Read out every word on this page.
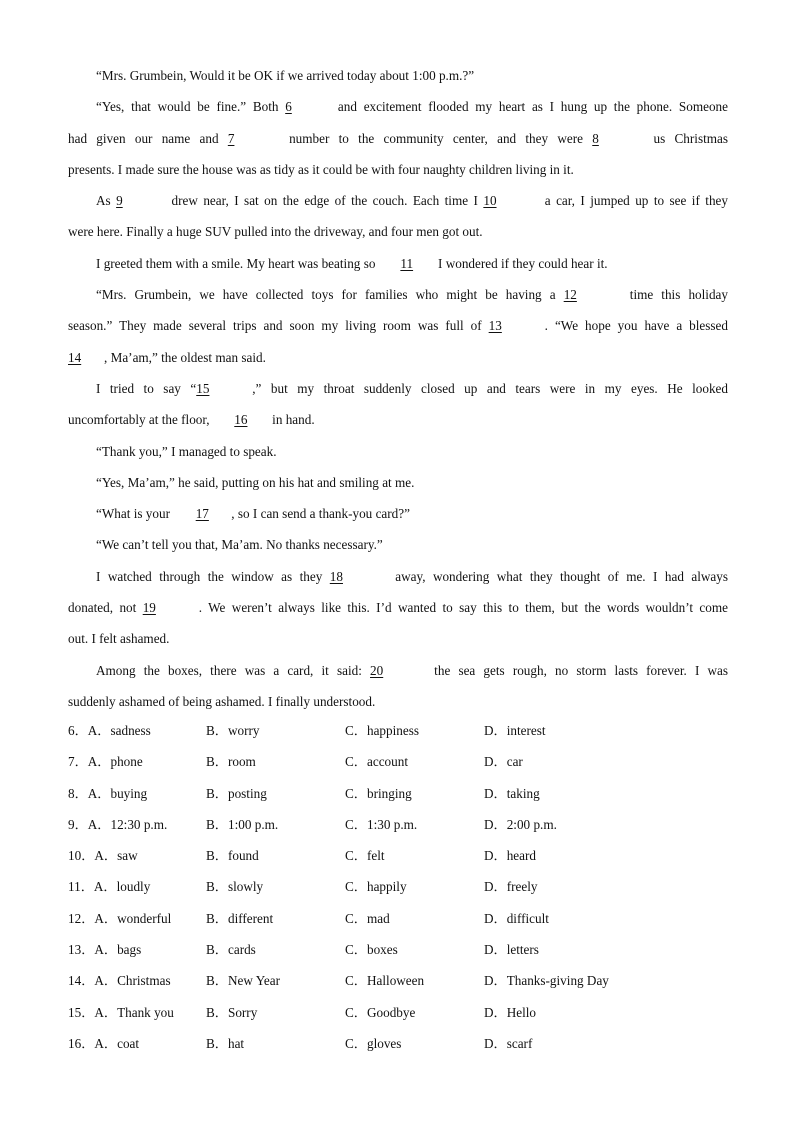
“Mrs. Grumbein, Would it be OK if we arrived today about 1:00 p.m.?”
“Yes, that would be fine.” Both 6	and excitement flooded my heart as I hung up the phone. Someone
had given our name and 7	number to the community center, and they were 8	us Christmas
presents. I made sure the house was as tidy as it could be with four naughty children living in it.
As 9	drew near, I sat on the edge of the couch. Each time I 10	a car, I jumped up to see if they
were here. Finally a huge SUV pulled into the driveway, and four men got out.
I greeted them with a smile. My heart was beating so 11 I wondered if they could hear it.
“Mrs. Grumbein, we have collected toys for families who might be having a 12	time this holiday
season.” They made several trips and soon my living room was full of 13	. “We hope you have a blessed
14 , Ma’am,” the oldest man said.
I tried to say “15	,” but my throat suddenly closed up and tears were in my eyes. He looked
uncomfortably at the floor, 16 in hand.
“Thank you,” I managed to speak.
“Yes, Ma’am,” he said, putting on his hat and smiling at me.
“What is your 17 , so I can send a thank-you card?”
“We can’t tell you that, Ma’am. No thanks necessary.”
I watched through the window as they 18	away, wondering what they thought of me. I had always
donated, not 19	. We weren’t always like this. I’d wanted to say this to them, but the words wouldn’t come
out. I felt ashamed.
Among the boxes, there was a card, it said: 20	the sea gets rough, no storm lasts forever. I was
suddenly ashamed of being ashamed. I finally understood.
6．A．sadness	B．worry	C．happiness	D．interest
7．A．phone	B．room	C．account	D．car
8．A．buying	B．posting	C．bringing	D．taking
9．A．12:30 p.m.	B．1:00 p.m.	C．1:30 p.m.	D．2:00 p.m.
10．A．saw	B．found	C．felt	D．heard
11．A．loudly	B．slowly	C．happily	D．freely
12．A．wonderful	B．different	C．mad	D．difficult
13．A．bags	B．cards	C．boxes	D．letters
14．A．Christmas	B．New Year	C．Halloween	D．Thanks-giving Day
15．A．Thank you	B．Sorry	C．Goodbye	D．Hello
16．A．coat	B．hat	C．gloves	D．scarf
